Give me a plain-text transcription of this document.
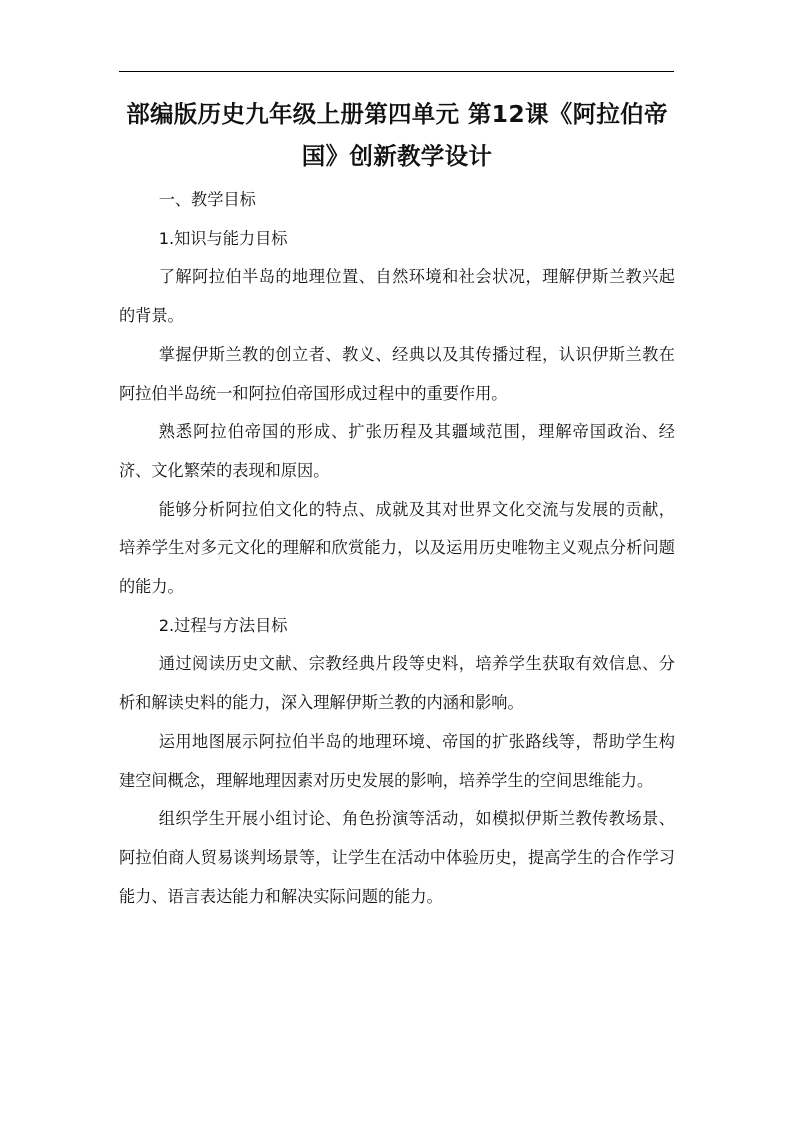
部编版历史九年级上册第四单元 第12课《阿拉伯帝国》创新教学设计

一、教学目标

1.知识与能力目标

了解阿拉伯半岛的地理位置、自然环境和社会状况，理解伊斯兰教兴起的背景。

掌握伊斯兰教的创立者、教义、经典以及其传播过程，认识伊斯兰教在阿拉伯半岛统一和阿拉伯帝国形成过程中的重要作用。

熟悉阿拉伯帝国的形成、扩张历程及其疆域范围，理解帝国政治、经济、文化繁荣的表现和原因。

能够分析阿拉伯文化的特点、成就及其对世界文化交流与发展的贡献，培养学生对多元文化的理解和欣赏能力，以及运用历史唯物主义观点分析问题的能力。

2.过程与方法目标

通过阅读历史文献、宗教经典片段等史料，培养学生获取有效信息、分析和解读史料的能力，深入理解伊斯兰教的内涵和影响。

运用地图展示阿拉伯半岛的地理环境、帝国的扩张路线等，帮助学生构建空间概念，理解地理因素对历史发展的影响，培养学生的空间思维能力。

组织学生开展小组讨论、角色扮演等活动，如模拟伊斯兰教传教场景、阿拉伯商人贸易谈判场景等，让学生在活动中体验历史，提高学生的合作学习能力、语言表达能力和解决实际问题的能力。
